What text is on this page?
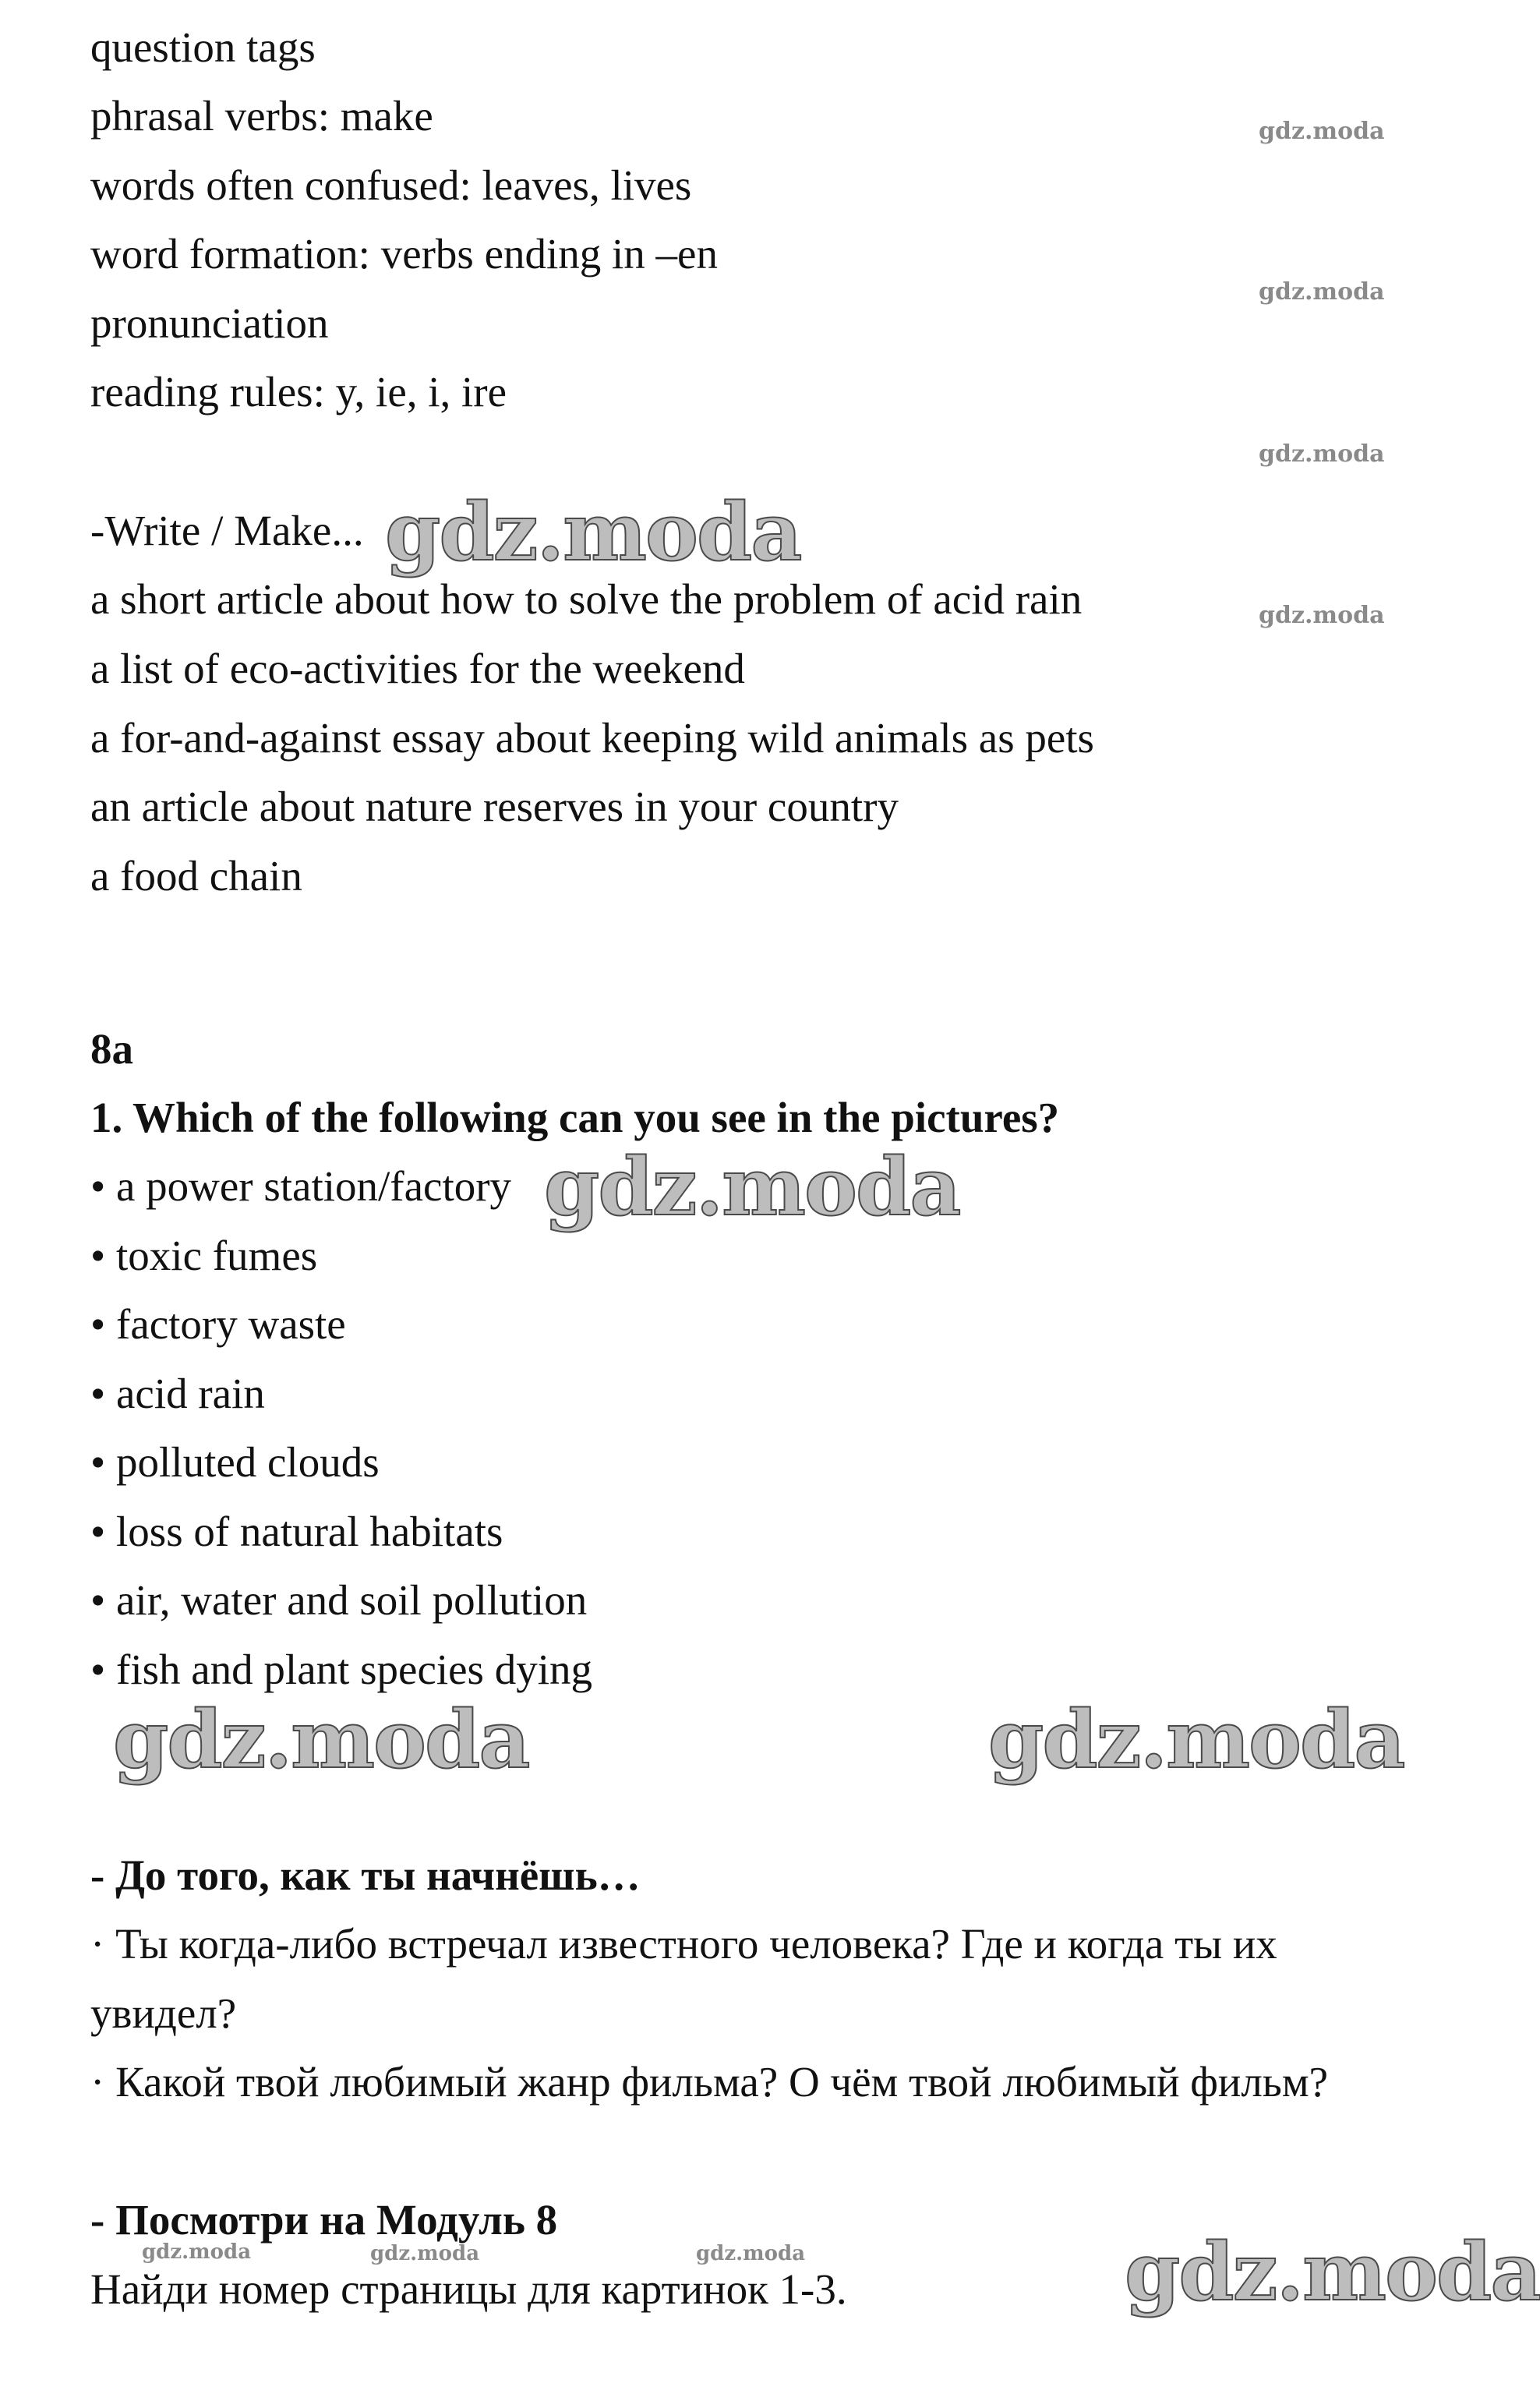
question tags
phrasal verbs: make
words often confused: leaves, lives
word formation: verbs ending in –en
pronunciation
reading rules: y, ie, i, ire
-Write / Make...
a short article about how to solve the problem of acid rain
a list of eco-activities for the weekend
a for-and-against essay about keeping wild animals as pets
an article about nature reserves in your country
a food chain
8a
1. Which of the following can you see in the pictures?
• a power station/factory
• toxic fumes
• factory waste
• acid rain
• polluted clouds
• loss of natural habitats
• air, water and soil pollution
• fish and plant species dying
- До того, как ты начнёшь…
· Ты когда-либо встречал известного человека? Где и когда ты их
увидел?
· Какой твой любимый жанр фильма? О чём твой любимый фильм?
- Посмотри на Модуль 8
Найди номер страницы для картинок 1-3.
gdz.moda
gdz.moda
gdz.moda
gdz.moda
gdz.moda
gdz.moda
gdz.moda	gdz.moda
gdz.moda
gdz.moda	gdz.moda	gdz.moda
